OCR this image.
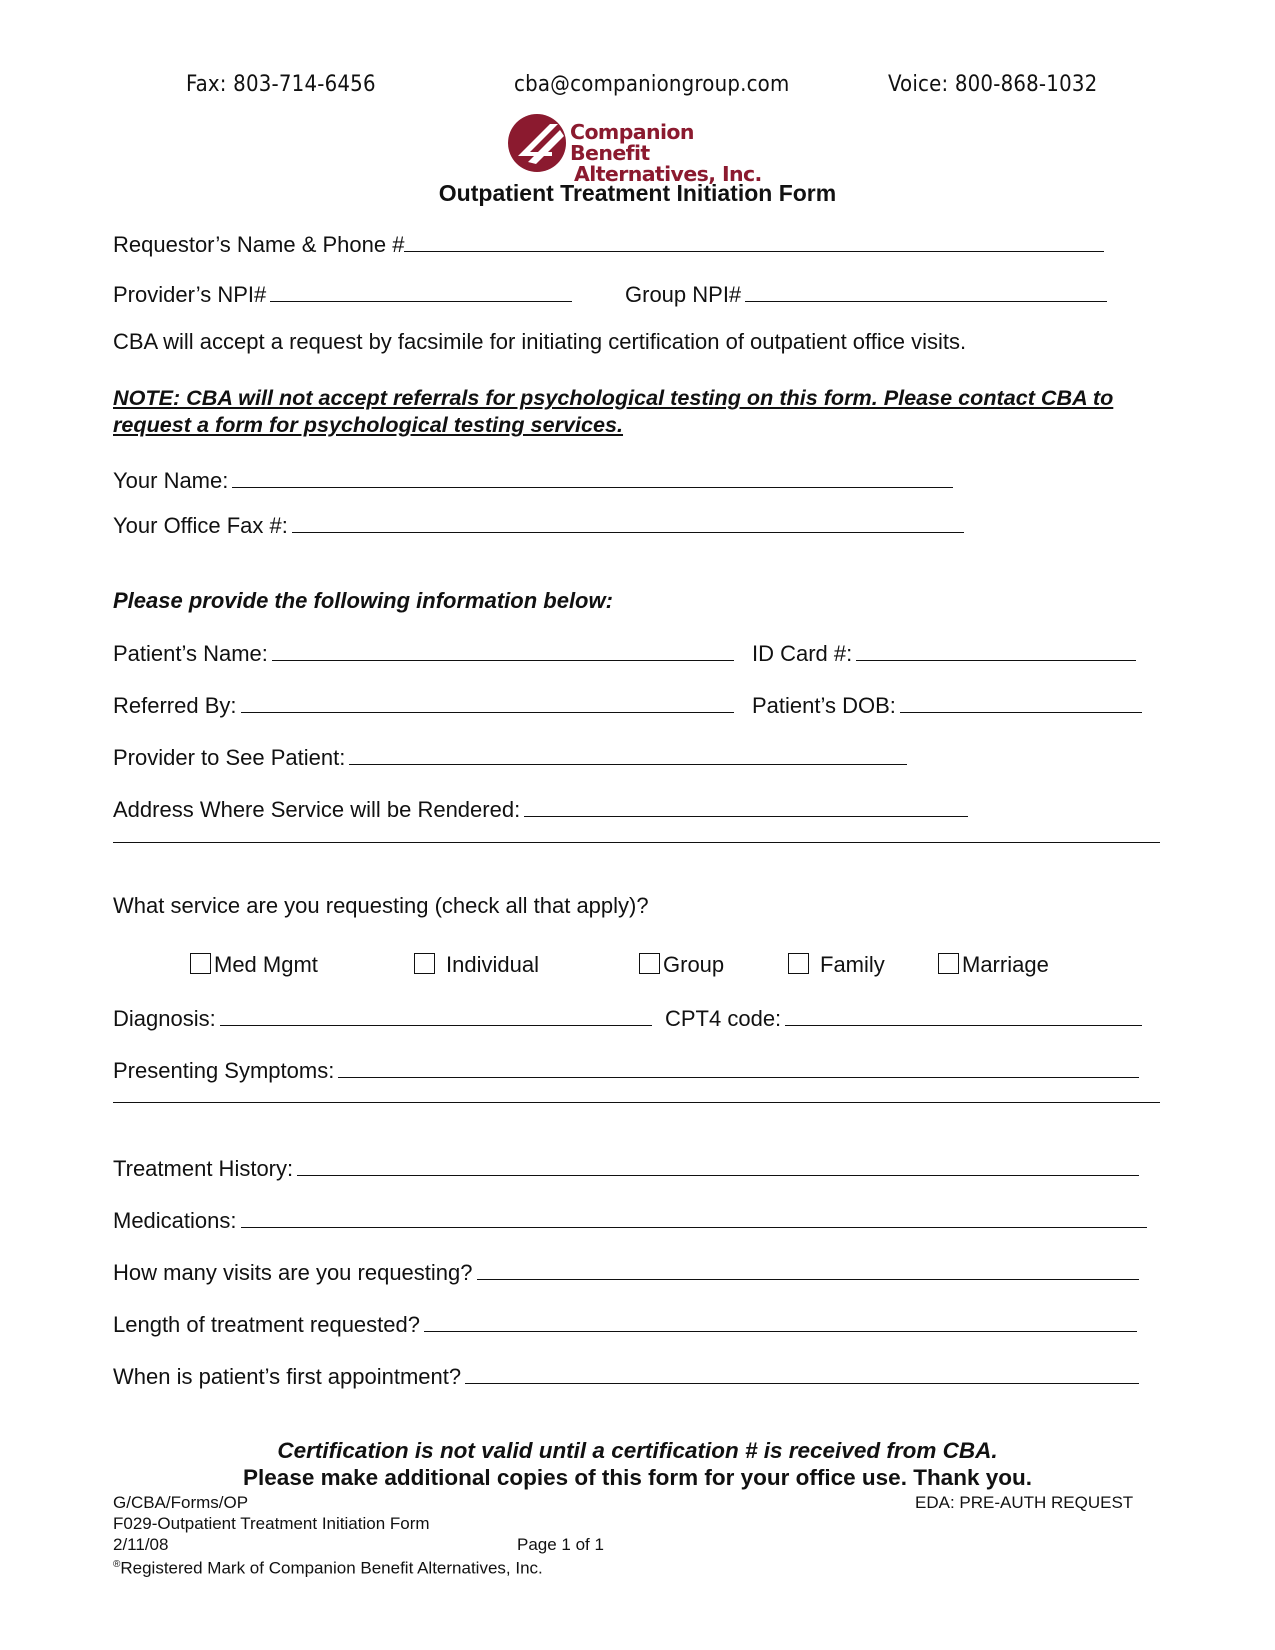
Fax: 803-714-6456	cba@companiongroup.com	Voice: 800-868-1032
Companion Benefit
Alternatives, Inc.
Outpatient Treatment Initiation Form
Requestor’s Name & Phone #
Provider’s NPI#	Group NPI#
CBA will accept a request by facsimile for initiating certification of outpatient office visits.
NOTE: CBA will not accept referrals for psychological testing on this form. Please contact CBA to request a form for psychological testing services.
Your Name:
Your Office Fax #:
Please provide the following information below:
Patient’s Name:	ID Card #:
Referred By:	Patient’s DOB:
Provider to See Patient:
Address Where Service will be Rendered:
What service are you requesting (check all that apply)?
Med Mgmt	Individual	Group	Family	Marriage
Diagnosis:	CPT4 code:
Presenting Symptoms:
Treatment History:
Medications:
How many visits are you requesting?
Length of treatment requested?
When is patient’s first appointment?
Certification is not valid until a certification # is received from CBA.
Please make additional copies of this form for your office use. Thank you.
G/CBA/Forms/OP
F029-Outpatient Treatment Initiation Form
2/11/08
EDA: PRE-AUTH REQUEST
Page 1 of 1
®Registered Mark of Companion Benefit Alternatives, Inc.
